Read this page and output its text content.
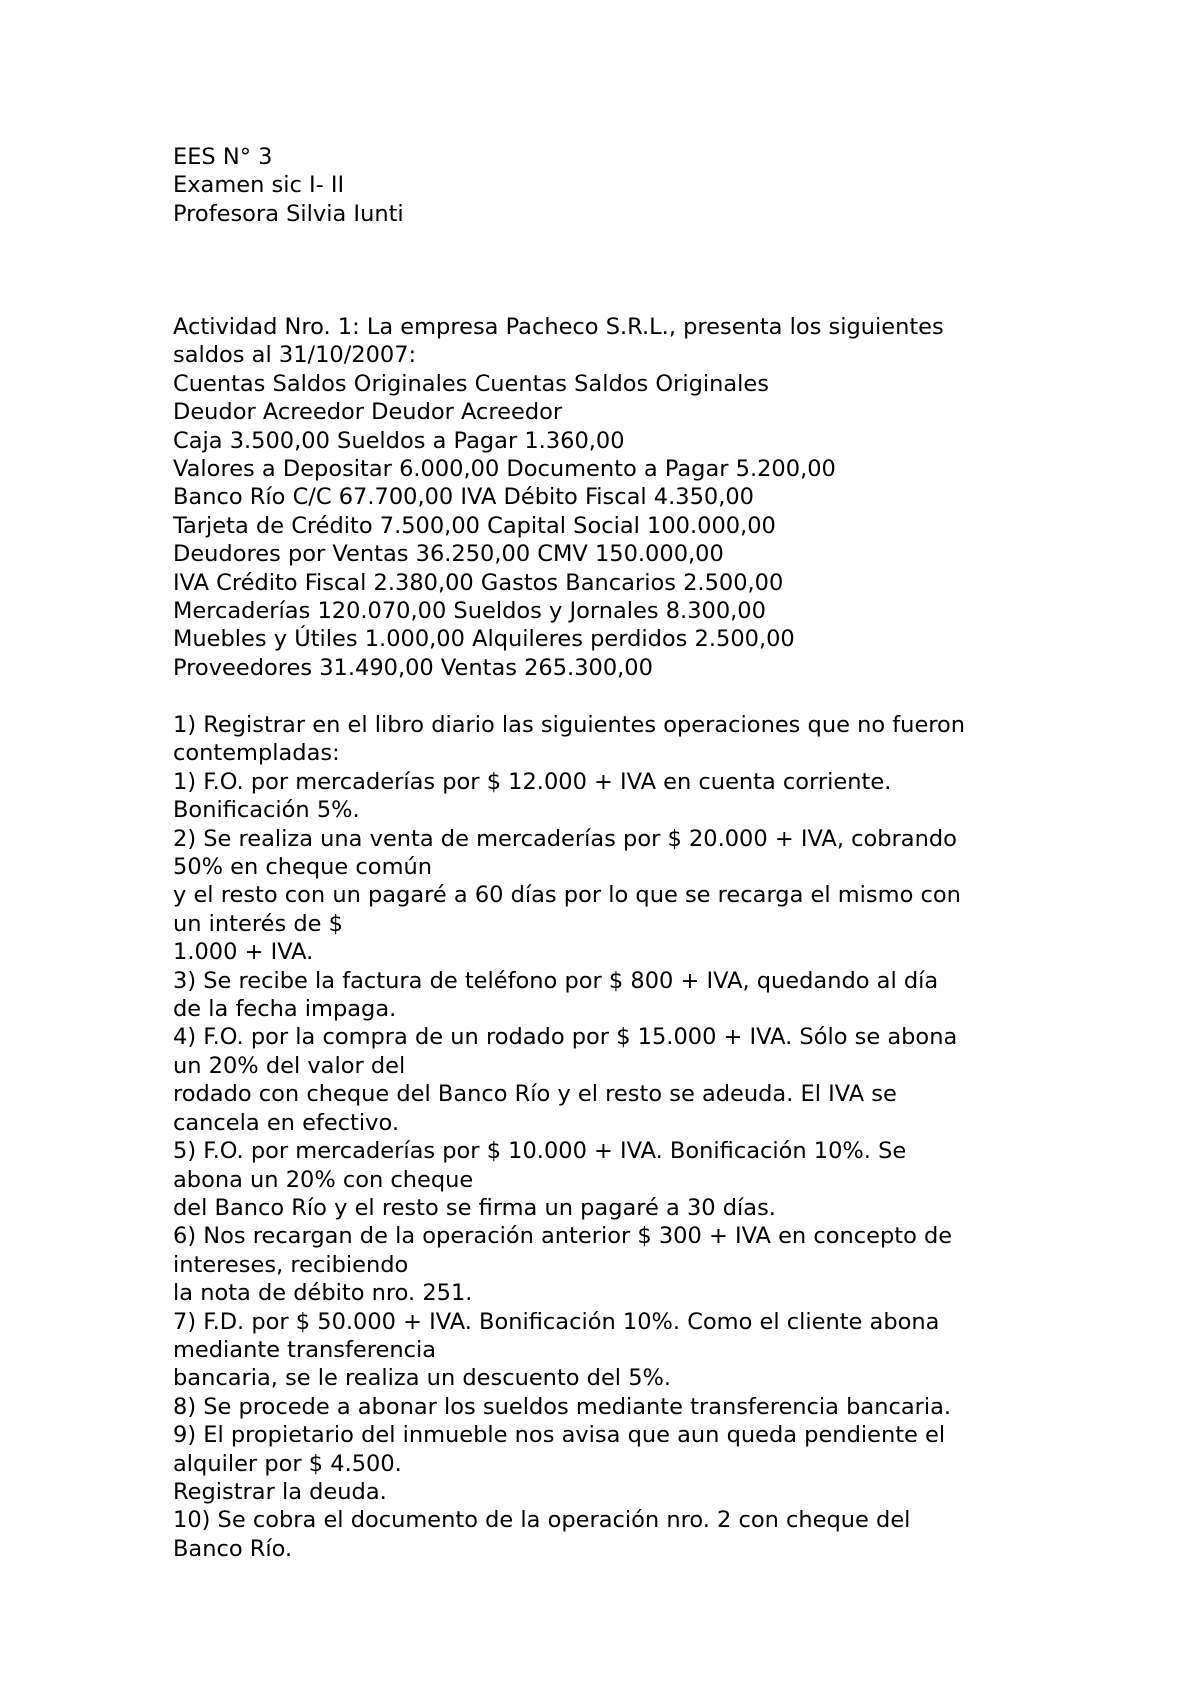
EES N° 3
Examen sic I- II
Profesora Silvia Iunti
Actividad Nro. 1: La empresa Pacheco S.R.L., presenta los siguientes
saldos al 31/10/2007:
Cuentas Saldos Originales Cuentas Saldos Originales
Deudor Acreedor Deudor Acreedor
Caja 3.500,00 Sueldos a Pagar 1.360,00
Valores a Depositar 6.000,00 Documento a Pagar 5.200,00
Banco Río C/C 67.700,00 IVA Débito Fiscal 4.350,00
Tarjeta de Crédito 7.500,00 Capital Social 100.000,00
Deudores por Ventas 36.250,00 CMV 150.000,00
IVA Crédito Fiscal 2.380,00 Gastos Bancarios 2.500,00
Mercaderías 120.070,00 Sueldos y Jornales 8.300,00
Muebles y Útiles 1.000,00 Alquileres perdidos 2.500,00
Proveedores 31.490,00 Ventas 265.300,00
1) Registrar en el libro diario las siguientes operaciones que no fueron
contempladas:
1) F.O. por mercaderías por $ 12.000 + IVA en cuenta corriente.
Bonificación 5%.
2) Se realiza una venta de mercaderías por $ 20.000 + IVA, cobrando
50% en cheque común
y el resto con un pagaré a 60 días por lo que se recarga el mismo con
un interés de $
1.000 + IVA.
3) Se recibe la factura de teléfono por $ 800 + IVA, quedando al día
de la fecha impaga.
4) F.O. por la compra de un rodado por $ 15.000 + IVA. Sólo se abona
un 20% del valor del
rodado con cheque del Banco Río y el resto se adeuda. El IVA se
cancela en efectivo.
5) F.O. por mercaderías por $ 10.000 + IVA. Bonificación 10%. Se
abona un 20% con cheque
del Banco Río y el resto se firma un pagaré a 30 días.
6) Nos recargan de la operación anterior $ 300 + IVA en concepto de
intereses, recibiendo
la nota de débito nro. 251.
7) F.D. por $ 50.000 + IVA. Bonificación 10%. Como el cliente abona
mediante transferencia
bancaria, se le realiza un descuento del 5%.
8) Se procede a abonar los sueldos mediante transferencia bancaria.
9) El propietario del inmueble nos avisa que aun queda pendiente el
alquiler por $ 4.500.
Registrar la deuda.
10) Se cobra el documento de la operación nro. 2 con cheque del
Banco Río.
